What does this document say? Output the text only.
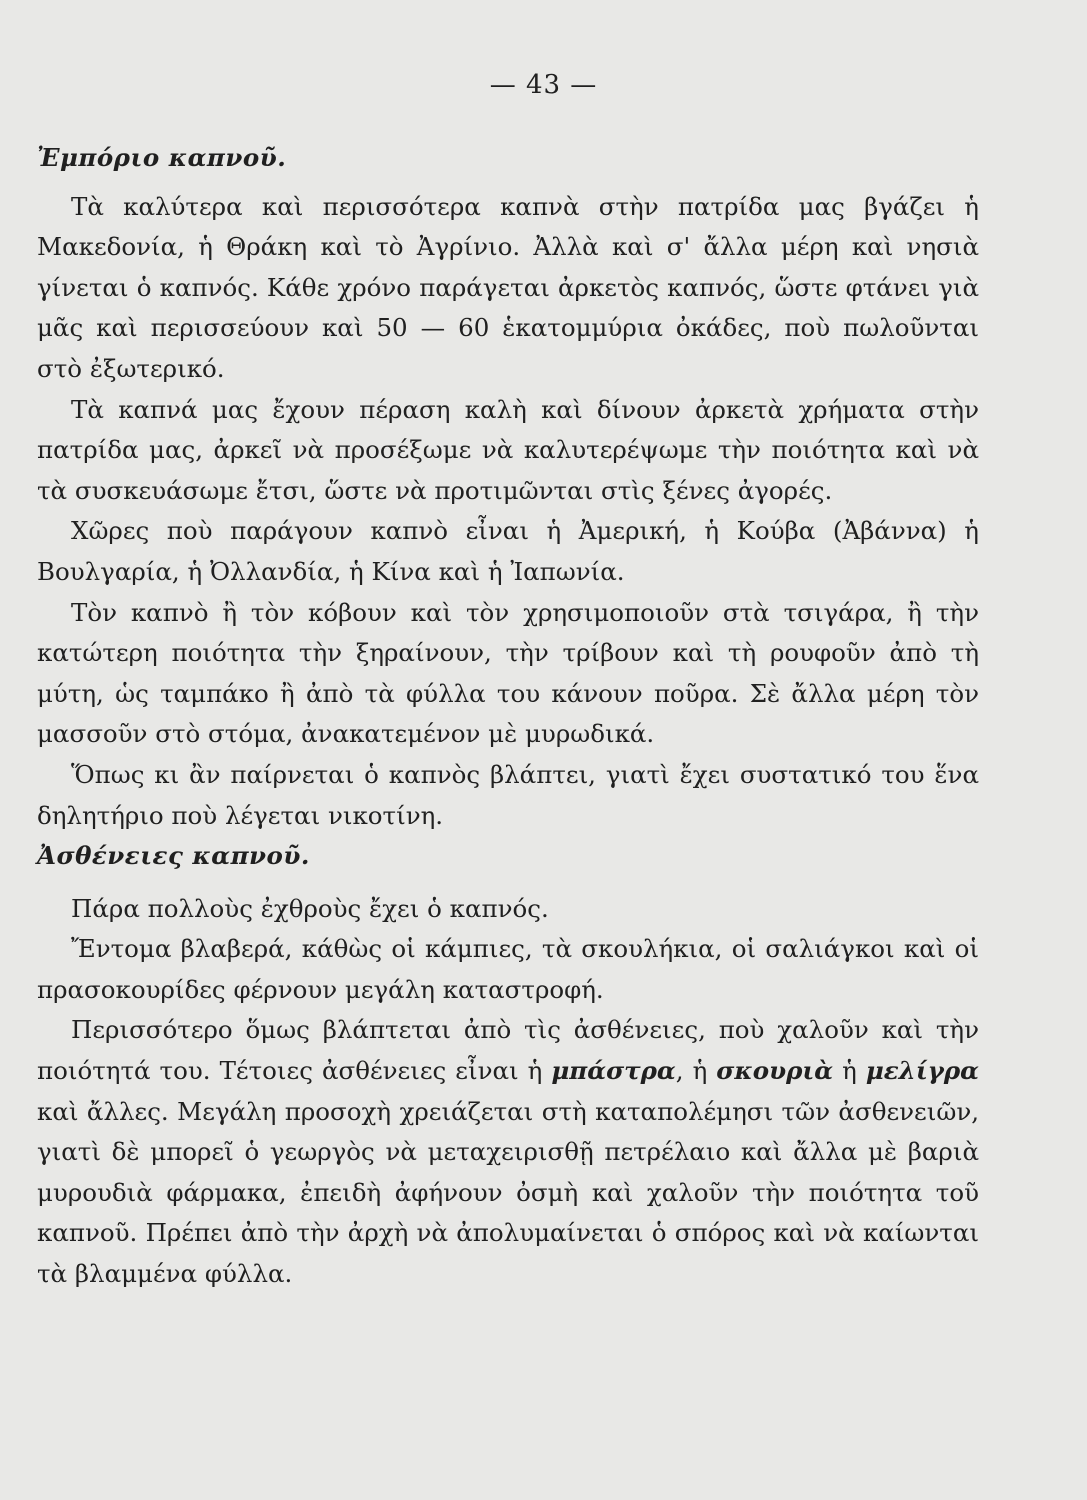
— 43 —
Ἐμπόριο καπνοῦ.

Τὰ καλύτερα καὶ περισσότερα καπνὰ στὴν πατρίδα μας βγάζει ἡ Μακεδονία, ἡ Θράκη καὶ τὸ Ἀγρίνιο. Ἀλλὰ καὶ σ' ἄλλα μέρη καὶ νησιὰ γίνεται ὁ καπνός. Κάθε χρόνο παράγεται ἀρκετὸς καπνός, ὥστε φτάνει γιὰ μᾶς καὶ περισσεύουν καὶ 50 — 60 ἑκατομμύρια ὀκάδες, ποὺ πωλοῦνται στὸ ἐξωτερικό.

Τὰ καπνά μας ἔχουν πέραση καλὴ καὶ δίνουν ἀρκετὰ χρήματα στὴν πατρίδα μας, ἀρκεῖ νὰ προσέξωμε νὰ καλυτερέψωμε τὴν ποιότητα καὶ νὰ τὰ συσκευάσωμε ἔτσι, ὥστε νὰ προτιμῶνται στὶς ξένες ἀγορές.

Χῶρες ποὺ παράγουν καπνὸ εἶναι ἡ Ἀμερική, ἡ Κούβα (Ἀβάννα) ἡ Βουλγαρία, ἡ Ὀλλανδία, ἡ Κίνα καὶ ἡ Ἰαπωνία.

Τὸν καπνὸ ἢ τὸν κόβουν καὶ τὸν χρησιμοποιοῦν στὰ τσιγάρα, ἢ τὴν κατώτερη ποιότητα τὴν ξηραίνουν, τὴν τρίβουν καὶ τὴ ρουφοῦν ἀπὸ τὴ μύτη, ὡς ταμπάκο ἢ ἀπὸ τὰ φύλλα του κάνουν ποῦρα. Σὲ ἄλλα μέρη τὸν μασσοῦν στὸ στόμα, ἀνακατεμένον μὲ μυρωδικά.

Ὅπως κι ἂν παίρνεται ὁ καπνὸς βλάπτει, γιατὶ ἔχει συστατικό του ἕνα δηλητήριο ποὺ λέγεται νικοτίνη.

Ἀσθένειες καπνοῦ.

Πάρα πολλοὺς ἐχθροὺς ἔχει ὁ καπνός.

Ἔντομα βλαβερά, κάθὼς οἱ κάμπιες, τὰ σκουλήκια, οἱ σαλιάγκοι καὶ οἱ πρασοκουρίδες φέρνουν μεγάλη καταστροφή.

Περισσότερο ὅμως βλάπτεται ἀπὸ τὶς ἀσθένειες, ποὺ χαλοῦν καὶ τὴν ποιότητά του. Τέτοιες ἀσθένειες εἶναι ἡ μπάστρα, ἡ σκουριὰ ἡ μελίγρα καὶ ἄλλες. Μεγάλη προσοχὴ χρειάζεται στὴ καταπολέμησι τῶν ἀσθενειῶν, γιατὶ δὲ μπορεῖ ὁ γεωργὸς νὰ μεταχειρισθῇ πετρέλαιο καὶ ἄλλα μὲ βαριὰ μυρουδιὰ φάρμακα, ἐπειδὴ ἀφήνουν ὀσμὴ καὶ χαλοῦν τὴν ποιότητα τοῦ καπνοῦ. Πρέπει ἀπὸ τὴν ἀρχὴ νὰ ἀπολυμαίνεται ὁ σπόρος καὶ νὰ καίωνται τὰ βλαμμένα φύλλα.
